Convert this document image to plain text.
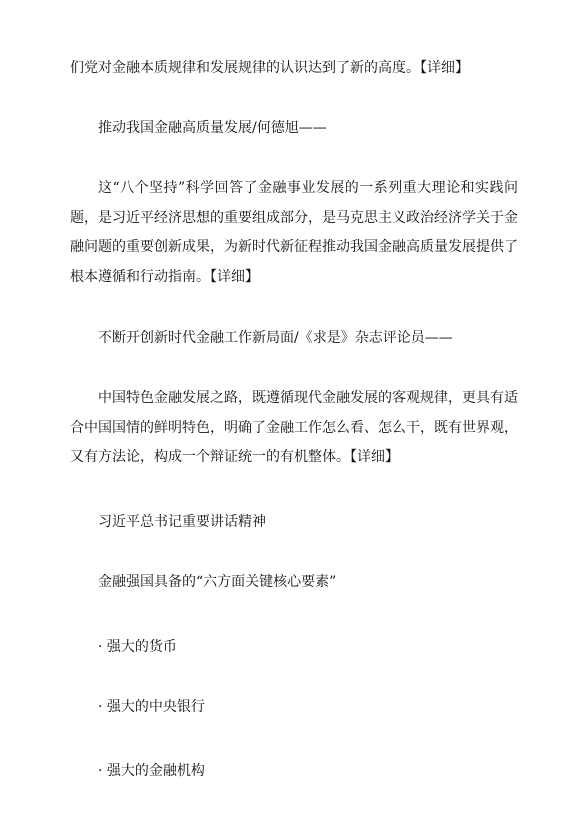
们党对金融本质规律和发展规律的认识达到了新的高度。【详细】
推动我国金融高质量发展/何德旭——
这“八个坚持”科学回答了金融事业发展的一系列重大理论和实践问题，是习近平经济思想的重要组成部分，是马克思主义政治经济学关于金融问题的重要创新成果，为新时代新征程推动我国金融高质量发展提供了根本遵循和行动指南。【详细】
不断开创新时代金融工作新局面/《求是》杂志评论员——
中国特色金融发展之路，既遵循现代金融发展的客观规律，更具有适合中国国情的鲜明特色，明确了金融工作怎么看、怎么干，既有世界观，又有方法论，构成一个辩证统一的有机整体。【详细】
习近平总书记重要讲话精神
金融强国具备的“六方面关键核心要素”
· 强大的货币
· 强大的中央银行
· 强大的金融机构
